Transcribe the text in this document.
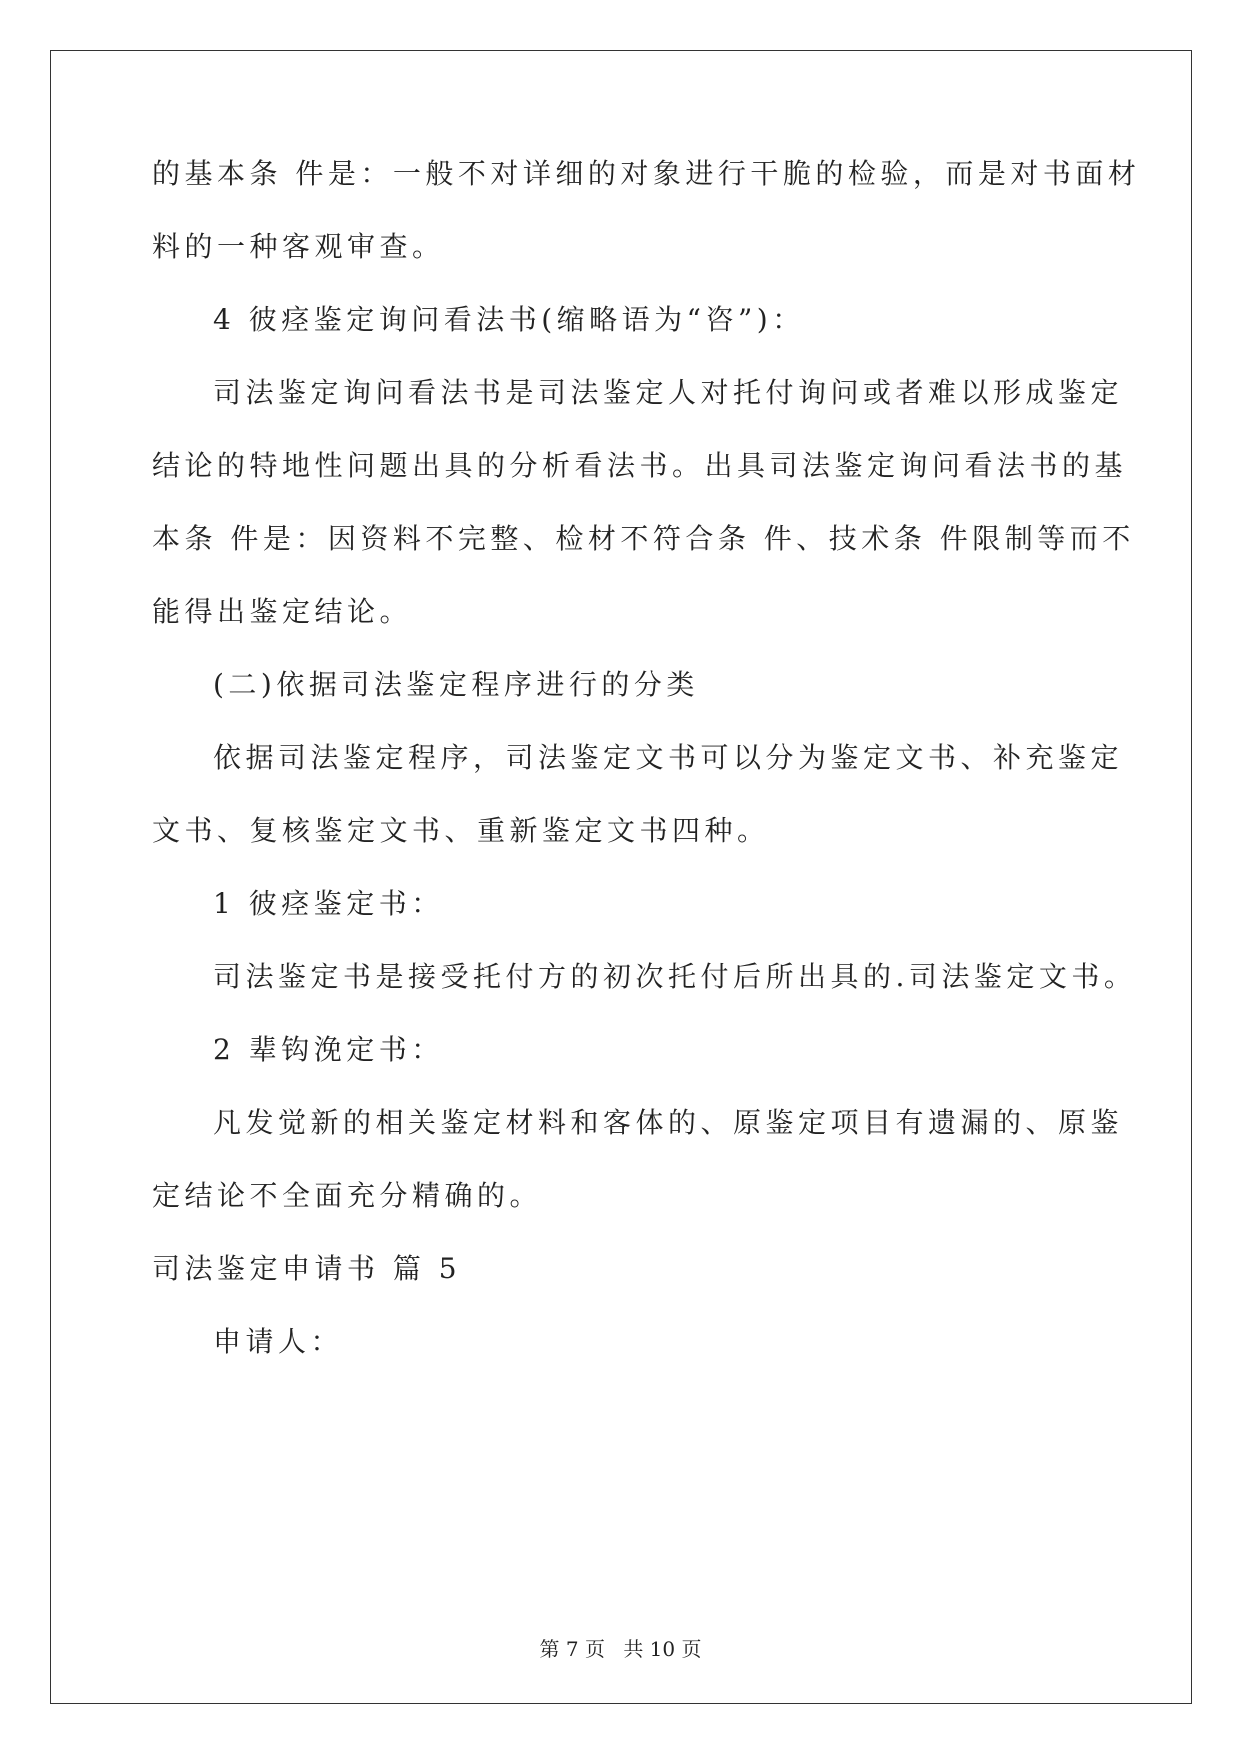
的基本条 件是：一般不对详细的对象进行干脆的检验，而是对书面材
料的一种客观审查。
4 彼痉鉴定询问看法书(缩略语为“咨”)：
司法鉴定询问看法书是司法鉴定人对托付询问或者难以形成鉴定
结论的特地性问题出具的分析看法书。出具司法鉴定询问看法书的基
本条 件是：因资料不完整、检材不符合条 件、技术条 件限制等而不
能得出鉴定结论。
(二)依据司法鉴定程序进行的分类
依据司法鉴定程序，司法鉴定文书可以分为鉴定文书、补充鉴定
文书、复核鉴定文书、重新鉴定文书四种。
1 彼痉鉴定书：
司法鉴定书是接受托付方的初次托付后所出具的.司法鉴定文书。
2 辈钩浼定书：
凡发觉新的相关鉴定材料和客体的、原鉴定项目有遗漏的、原鉴
定结论不全面充分精确的。
司法鉴定申请书 篇 5
申请人：
第 7 页 共 10 页
